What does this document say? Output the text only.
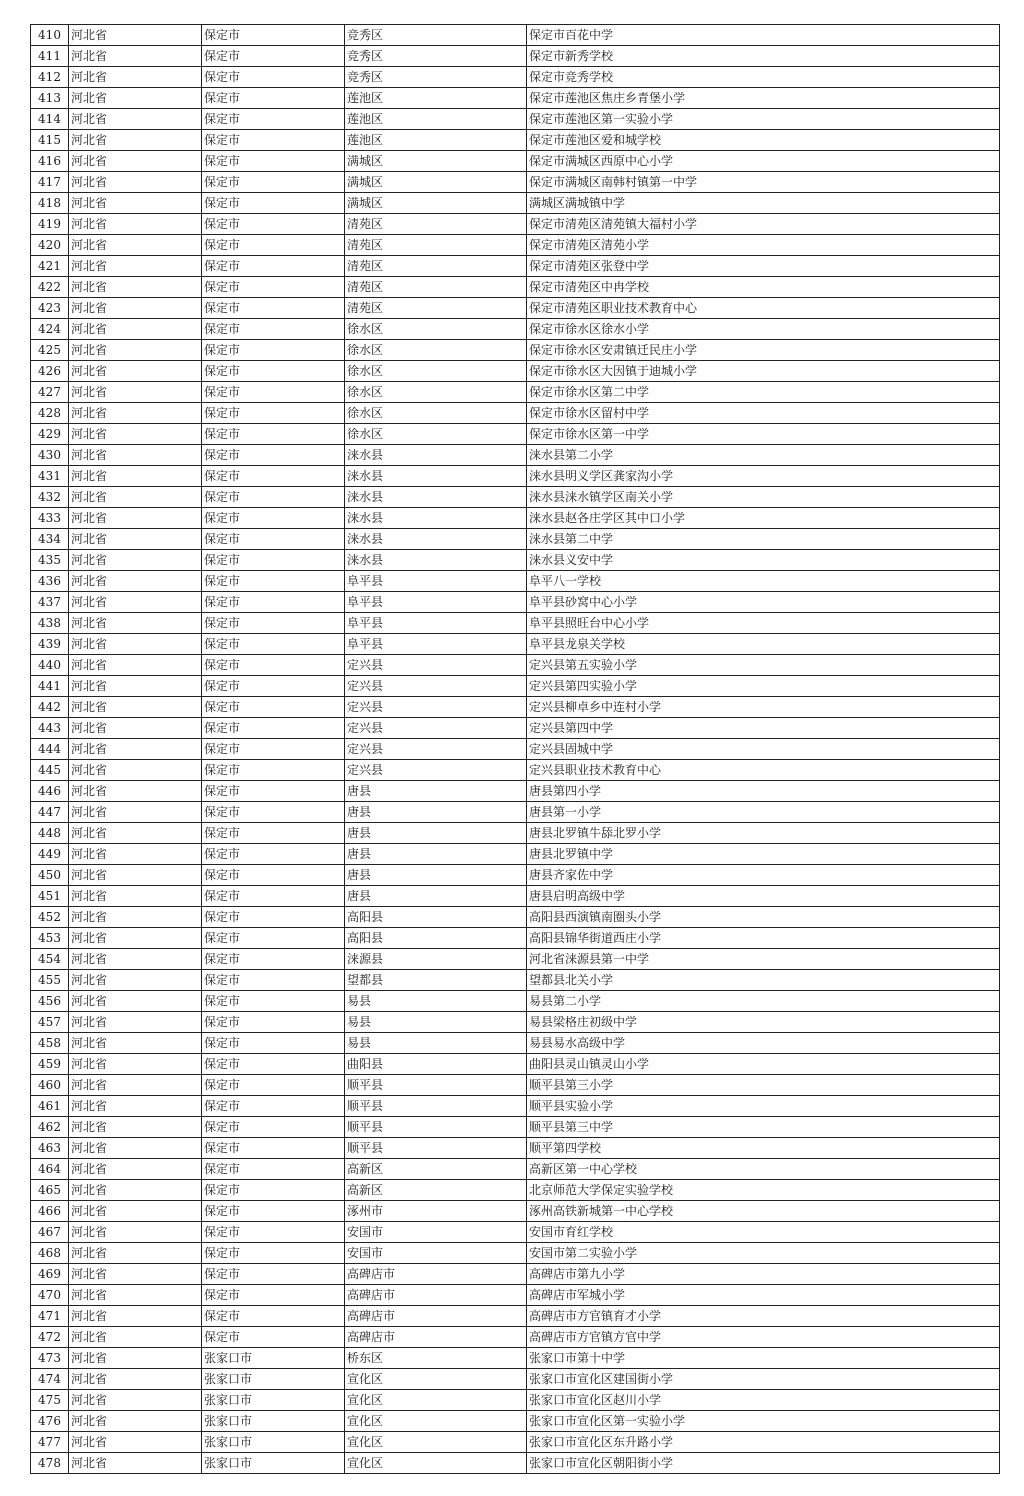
410	河北省	保定市	竞秀区	保定市百花中学
411	河北省	保定市	竞秀区	保定市新秀学校
412	河北省	保定市	竞秀区	保定市竞秀学校
413	河北省	保定市	莲池区	保定市莲池区焦庄乡青堡小学
414	河北省	保定市	莲池区	保定市莲池区第一实验小学
415	河北省	保定市	莲池区	保定市莲池区爱和城学校
416	河北省	保定市	满城区	保定市满城区西原中心小学
417	河北省	保定市	满城区	保定市满城区南韩村镇第一中学
418	河北省	保定市	满城区	满城区满城镇中学
419	河北省	保定市	清苑区	保定市清苑区清苑镇大福村小学
420	河北省	保定市	清苑区	保定市清苑区清苑小学
421	河北省	保定市	清苑区	保定市清苑区张登中学
422	河北省	保定市	清苑区	保定市清苑区中冉学校
423	河北省	保定市	清苑区	保定市清苑区职业技术教育中心
424	河北省	保定市	徐水区	保定市徐水区徐水小学
425	河北省	保定市	徐水区	保定市徐水区安肃镇迁民庄小学
426	河北省	保定市	徐水区	保定市徐水区大因镇于迪城小学
427	河北省	保定市	徐水区	保定市徐水区第二中学
428	河北省	保定市	徐水区	保定市徐水区留村中学
429	河北省	保定市	徐水区	保定市徐水区第一中学
430	河北省	保定市	涞水县	涞水县第二小学
431	河北省	保定市	涞水县	涞水县明义学区龚家沟小学
432	河北省	保定市	涞水县	涞水县涞水镇学区南关小学
433	河北省	保定市	涞水县	涞水县赵各庄学区其中口小学
434	河北省	保定市	涞水县	涞水县第二中学
435	河北省	保定市	涞水县	涞水县义安中学
436	河北省	保定市	阜平县	阜平八一学校
437	河北省	保定市	阜平县	阜平县砂窝中心小学
438	河北省	保定市	阜平县	阜平县照旺台中心小学
439	河北省	保定市	阜平县	阜平县龙泉关学校
440	河北省	保定市	定兴县	定兴县第五实验小学
441	河北省	保定市	定兴县	定兴县第四实验小学
442	河北省	保定市	定兴县	定兴县柳卓乡中连村小学
443	河北省	保定市	定兴县	定兴县第四中学
444	河北省	保定市	定兴县	定兴县固城中学
445	河北省	保定市	定兴县	定兴县职业技术教育中心
446	河北省	保定市	唐县	唐县第四小学
447	河北省	保定市	唐县	唐县第一小学
448	河北省	保定市	唐县	唐县北罗镇牛舔北罗小学
449	河北省	保定市	唐县	唐县北罗镇中学
450	河北省	保定市	唐县	唐县齐家佐中学
451	河北省	保定市	唐县	唐县启明高级中学
452	河北省	保定市	高阳县	高阳县西演镇南圈头小学
453	河北省	保定市	高阳县	高阳县锦华街道西庄小学
454	河北省	保定市	涞源县	河北省涞源县第一中学
455	河北省	保定市	望都县	望都县北关小学
456	河北省	保定市	易县	易县第二小学
457	河北省	保定市	易县	易县梁格庄初级中学
458	河北省	保定市	易县	易县易水高级中学
459	河北省	保定市	曲阳县	曲阳县灵山镇灵山小学
460	河北省	保定市	顺平县	顺平县第三小学
461	河北省	保定市	顺平县	顺平县实验小学
462	河北省	保定市	顺平县	顺平县第三中学
463	河北省	保定市	顺平县	顺平第四学校
464	河北省	保定市	高新区	高新区第一中心学校
465	河北省	保定市	高新区	北京师范大学保定实验学校
466	河北省	保定市	涿州市	涿州高铁新城第一中心学校
467	河北省	保定市	安国市	安国市育红学校
468	河北省	保定市	安国市	安国市第二实验小学
469	河北省	保定市	高碑店市	高碑店市第九小学
470	河北省	保定市	高碑店市	高碑店市军城小学
471	河北省	保定市	高碑店市	高碑店市方官镇育才小学
472	河北省	保定市	高碑店市	高碑店市方官镇方官中学
473	河北省	张家口市	桥东区	张家口市第十中学
474	河北省	张家口市	宣化区	张家口市宣化区建国街小学
475	河北省	张家口市	宣化区	张家口市宣化区赵川小学
476	河北省	张家口市	宣化区	张家口市宣化区第一实验小学
477	河北省	张家口市	宣化区	张家口市宣化区东升路小学
478	河北省	张家口市	宣化区	张家口市宣化区朝阳街小学
